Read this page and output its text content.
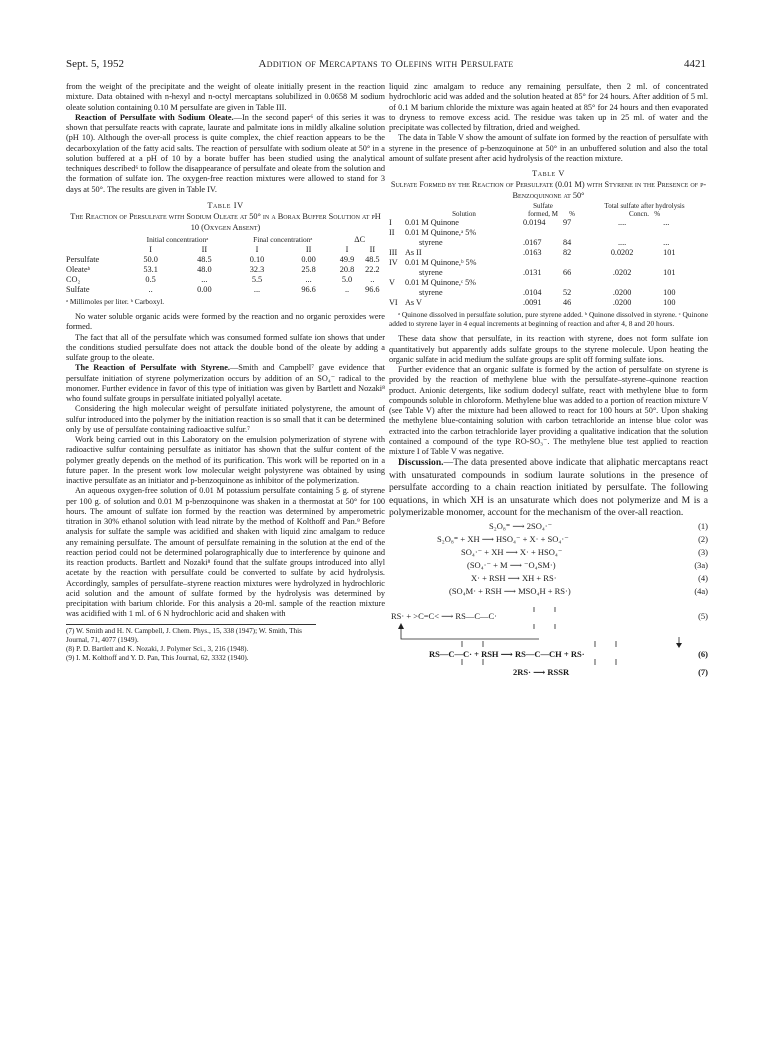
Sept. 5, 1952	Addition of Mercaptans to Olefins with Persulfate	4421

from the weight of the precipitate and the weight of oleate initially present in the reaction mixture. Data obtained with n-hexyl and n-octyl mercaptans solubilized in 0.0658 M sodium oleate solution containing 0.10 M persulfate are given in Table III.

Reaction of Persulfate with Sodium Oleate.—In the second paper⁶ of this series it was shown that persulfate reacts with caprate, laurate and palmitate ions in mildly alkaline solution (pH 10). Although the over-all process is quite complex, the chief reaction appears to be the decarboxylation of the fatty acid salts. The reaction of persulfate with sodium oleate at 50° in a solution buffered at a pH of 10 by a borate buffer has been studied using the analytical techniques described⁶ to follow the disappearance of persulfate and oleate from the solution and the formation of sulfate ion. The oxygen-free reaction mixtures were allowed to stand for 3 days at 50°. The results are given in Table IV.

Table IV
The Reaction of Persulfate with Sodium Oleate at 50° in a Borax Buffer Solution at pH 10 (Oxygen Absent)
	Initial concentrationᵃ		Final concentrationᵃ		ΔC	
	I	II	I	II	I	II
Persulfate	50.0	48.5	0.10	0.00	49.9	48.5
Oleateᵇ	53.1	48.0	32.3	25.8	20.8	22.2
CO₂	0.5	...	5.5	...	5.0	..
Sulfate	..	0.00	...	96.6	..	96.6
ᵃ Millimoles per liter. ᵇ Carboxyl.

No water soluble organic acids were formed by the reaction and no organic peroxides were formed.

The fact that all of the persulfate which was consumed formed sulfate ion shows that under the conditions studied persulfate does not attack the double bond of the oleate by adding a sulfate group to the oleate.

The Reaction of Persulfate with Styrene.—Smith and Campbell⁷ gave evidence that persulfate initiation of styrene polymerization occurs by addition of an SO₄⁻ radical to the monomer. Further evidence in favor of this type of initiation was given by Bartlett and Nozaki⁸ who found sulfate groups in persulfate initiated polyallyl acetate.

Considering the high molecular weight of persulfate initiated polystyrene, the amount of sulfur introduced into the polymer by the initiation reaction is so small that it can be determined only by use of persulfate containing radioactive sulfur.⁷

Work being carried out in this Laboratory on the emulsion polymerization of styrene with radioactive sulfur containing persulfate as initiator has shown that the sulfur content of the polymer greatly depends on the method of its purification. This work will be reported on in a future paper. In the present work low molecular weight polystyrene was obtained by using inactive persulfate as an initiator and p-benzoquinone as inhibitor of the polymerization.

An aqueous oxygen-free solution of 0.01 M potassium persulfate containing 5 g. of styrene per 100 g. of solution and 0.01 M p-benzoquinone was shaken in a thermostat at 50° for 100 hours. The amount of sulfate ion formed by the reaction was determined by amperometric titration in 30% ethanol solution with lead nitrate by the method of Kolthoff and Pan.⁹ Before analysis for sulfate the sample was acidified and shaken with liquid zinc amalgam to reduce any remaining persulfate. The amount of persulfate remaining in the solution at the end of the reaction period could not be determined polarographically due to interference by quinone and its reaction products. Bartlett and Nozaki⁸ found that the sulfate groups introduced into allyl acetate by the reaction with persulfate could be converted to sulfate by acid hydrolysis. Accordingly, samples of persulfate–styrene reaction mixtures were hydrolyzed in hydrochloric acid solution and the amount of sulfate formed by the hydrolysis was determined by precipitation with barium chloride. For this analysis a 20-ml. sample of the reaction mixture was acidified with 1 ml. of 6 N hydrochloric acid and shaken with

(7) W. Smith and H. N. Campbell, J. Chem. Phys., 15, 338 (1947); W. Smith, This Journal, 71, 4077 (1949).
(8) P. D. Bartlett and K. Nozaki, J. Polymer Sci., 3, 216 (1948).
(9) I. M. Kolthoff and Y. D. Pan, This Journal, 62, 3332 (1940).

liquid zinc amalgam to reduce any remaining persulfate, then 2 ml. of concentrated hydrochloric acid was added and the solution heated at 85° for 24 hours. After addition of 5 ml. of 0.1 M barium chloride the mixture was again heated at 85° for 24 hours and then evaporated to dryness to remove excess acid. The residue was taken up in 25 ml. of water and the precipitate was collected by filtration, dried and weighed.

The data in Table V show the amount of sulfate ion formed by the reaction of persulfate with styrene in the presence of p-benzoquinone at 50° in an unbuffered solution and also the total amount of sulfate present after acid hydrolysis of the reaction mixture.

Table V
Sulfate Formed by the Reaction of Persulfate (0.01 M) with Styrene in the Presence of p-Benzoquinone at 50°
	Solution	Sulfate formed, M	%	Total sulfate after hydrolysis
Concn. %	
I	0.01 M Quinone	0.0194	97	....	...
II	0.01 M Quinone,ᵃ 5%				
	styrene	.0167	84	....	...
III	As II	.0163	82	0.0202	101
IV	0.01 M Quinone,ᵇ 5%				
	styrene	.0131	66	.0202	101
V	0.01 M Quinone,ᶜ 5%				
	styrene	.0104	52	.0200	100
VI	As V	.0091	46	.0200	100
ᵃ Quinone dissolved in persulfate solution, pure styrene added. ᵇ Quinone dissolved in styrene. ᶜ Quinone added to styrene layer in 4 equal increments at beginning of reaction and after 4, 8 and 20 hours.

These data show that persulfate, in its reaction with styrene, does not form sulfate ion quantitatively but apparently adds sulfate groups to the styrene molecule. Upon heating the organic sulfate in acid medium the sulfate groups are split off forming sulfate ions.

Further evidence that an organic sulfate is formed by the action of persulfate on styrene is provided by the reaction of methylene blue with the persulfate–styrene–quinone reaction product. Anionic detergents, like sodium dodecyl sulfate, react with methylene blue to form compounds soluble in chloroform. Methylene blue was added to a portion of reaction mixture V (see Table V) after the mixture had been allowed to react for 100 hours at 50°. Upon shaking the methylene blue-containing solution with carbon tetrachloride an intense blue color was extracted into the carbon tetrachloride layer providing a qualitative indication that the solution contained a compound of the type RO-SO₃⁻. The methylene blue test applied to reaction mixture I of Table V was negative.

Discussion.—The data presented above indicate that aliphatic mercaptans react with unsaturated compounds in sodium laurate solutions in the presence of persulfate according to a chain reaction initiated by persulfate. The following equations, in which XH is an unsaturate which does not polymerize and M is a polymerizable monomer, account for the mechanism of the over-all reaction.

S₂O₈⁼ ⟶ 2SO₄·⁻	(1)
S₂O₈⁼ + XH ⟶ HSO₄⁻ + X· + SO₄·⁻	(2)
SO₄·⁻ + XH ⟶ X· + HSO₄⁻	(3)
(SO₄·⁻ + M ⟶ ⁻O₄SM·)	(3a)
X· + RSH ⟶ XH + RS·	(4)
(SO₄M· + RSH ⟶ MSO₄H + RS·)	(4a)
RS· + >C=C< ⟶ RS—C—C·	(5)
RS—C—C· + RSH ⟶ RS—C—CH + RS·	(6)
2RS· ⟶ RSSR	(7)
